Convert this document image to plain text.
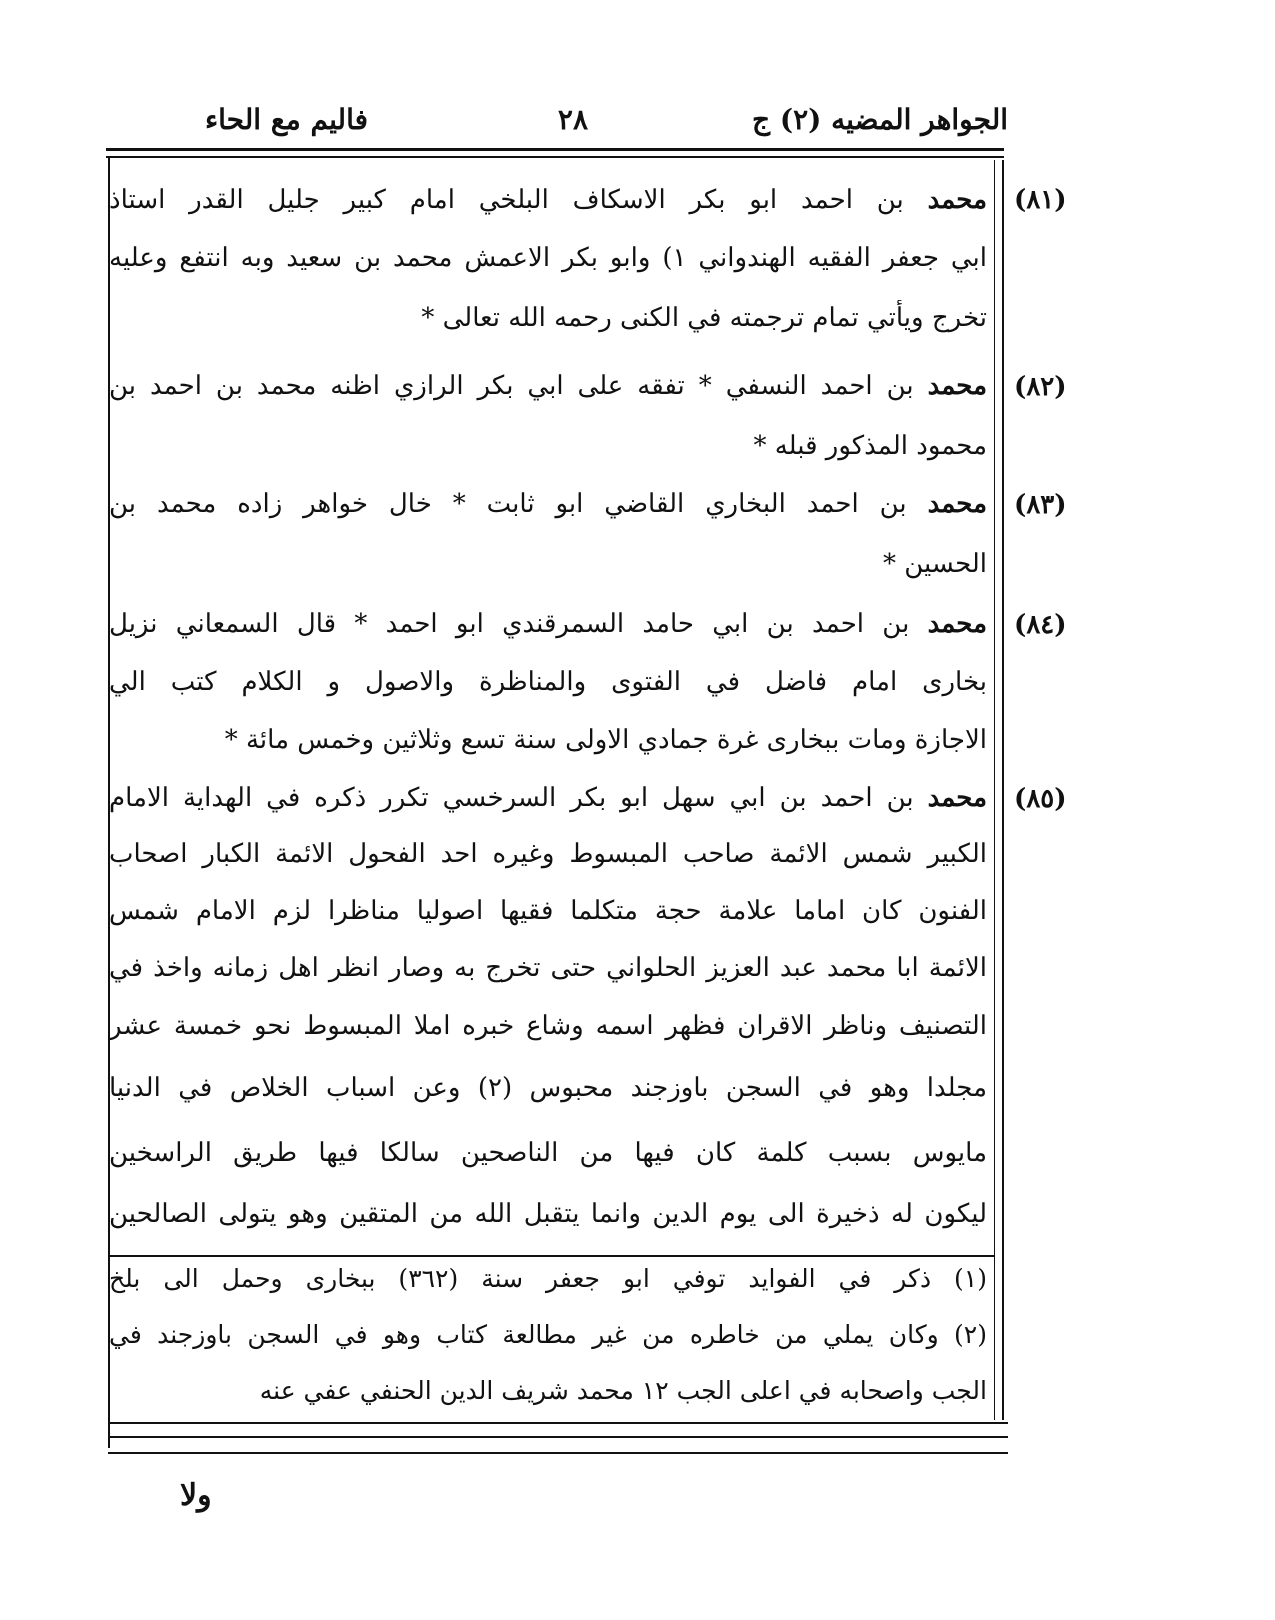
الجواهر المضيه (٢) ج
٢٨
فاليم مع الحاء
(٨١)
محمد بن احمد ابو بكر الاسكاف البلخي امام كبير جليل القدر استاذ
ابي جعفر الفقيه الهندواني ١) وابو بكر الاعمش محمد بن سعيد وبه انتفع وعليه
تخرج ويأتي تمام ترجمته في الكنى رحمه الله تعالى *
(٨٢)
محمد بن احمد النسفي * تفقه على ابي بكر الرازي اظنه محمد بن احمد بن
محمود المذكور قبله *
(٨٣)
محمد بن احمد البخاري القاضي ابو ثابت * خال خواهر زاده محمد بن
الحسين *
(٨٤)
محمد بن احمد بن ابي حامد السمرقندي ابو احمد * قال السمعاني نزيل
بخارى امام فاضل في الفتوى والمناظرة والاصول و الكلام كتب الي
الاجازة ومات ببخارى غرة جمادي الاولى سنة تسع وثلاثين وخمس مائة *
(٨٥)
محمد بن احمد بن ابي سهل ابو بكر السرخسي تكرر ذكره في الهداية الامام
الكبير شمس الائمة صاحب المبسوط وغيره احد الفحول الائمة الكبار اصحاب
الفنون كان اماما علامة حجة متكلما فقيها اصوليا مناظرا لزم الامام شمس
الائمة ابا محمد عبد العزيز الحلواني حتى تخرج به وصار انظر اهل زمانه واخذ في
التصنيف وناظر الاقران فظهر اسمه وشاع خبره املا المبسوط نحو خمسة عشر
مجلدا وهو في السجن باوزجند محبوس (٢) وعن اسباب الخلاص في الدنيا
مايوس بسبب كلمة كان فيها من الناصحين سالكا فيها طريق الراسخين
ليكون له ذخيرة الى يوم الدين وانما يتقبل الله من المتقين وهو يتولى الصالحين
(١) ذكر في الفوايد توفي ابو جعفر سنة (٣٦٢) ببخارى وحمل الى بلخ
(٢) وكان يملي من خاطره من غير مطالعة كتاب وهو في السجن باوزجند في
الجب واصحابه في اعلى الجب ١٢ محمد شريف الدين الحنفي عفي عنه
ولا
